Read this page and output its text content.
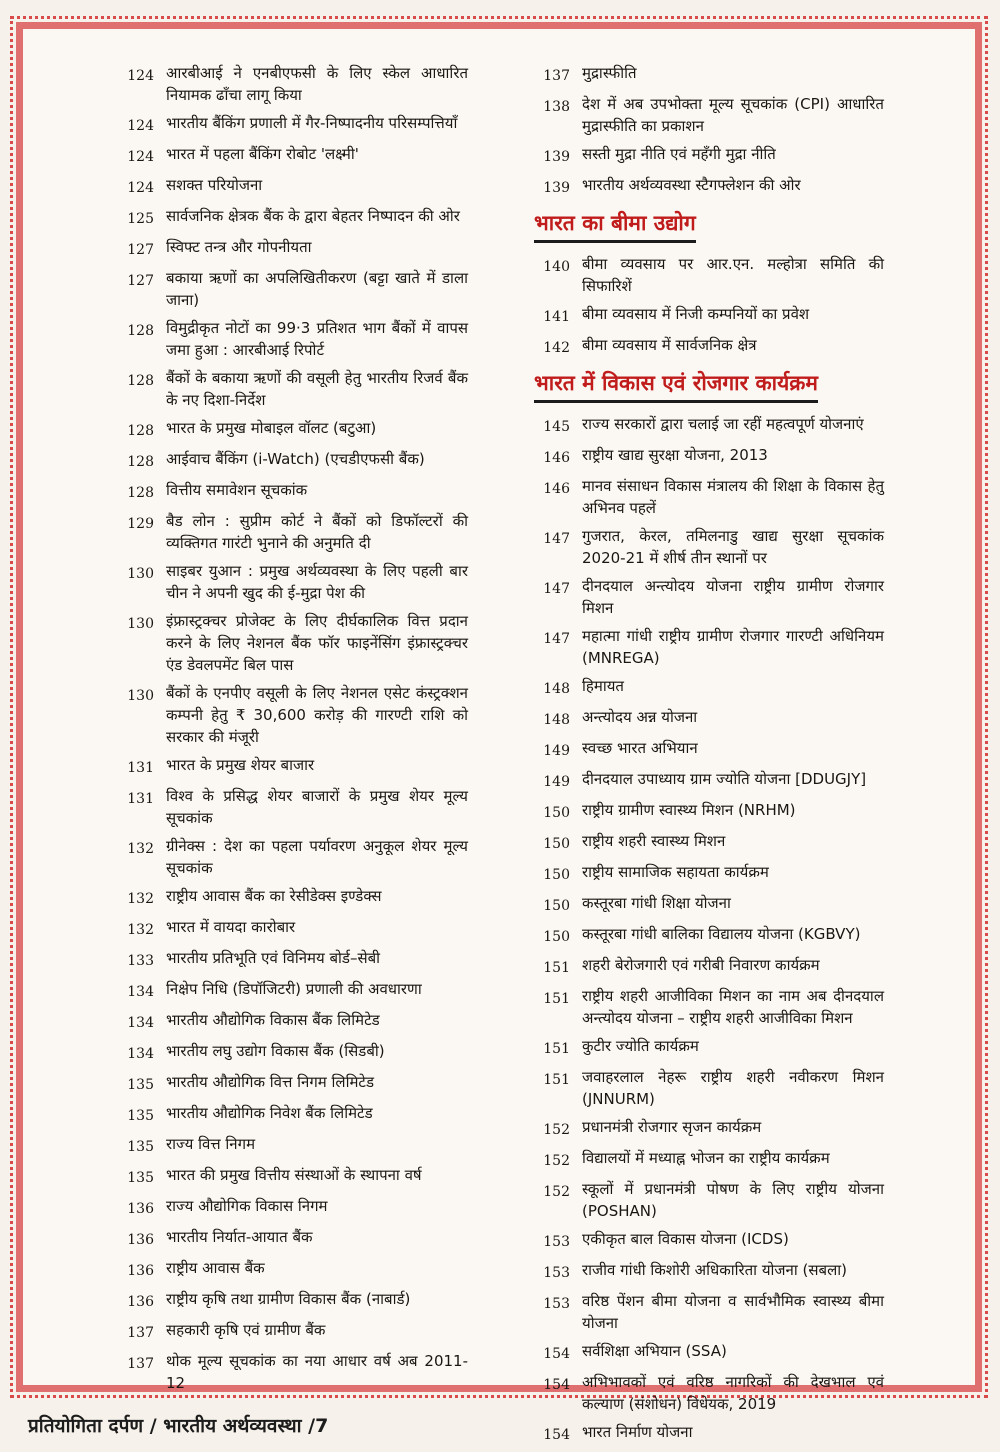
124 आरबीआई ने एनबीएफसी के लिए स्केल आधारित नियामक ढाँचा लागू किया
124 भारतीय बैंकिंग प्रणाली में गैर-निष्पादनीय परिसम्पत्तियाँ
124 भारत में पहला बैंकिंग रोबोट 'लक्ष्मी'
124 सशक्त परियोजना
125 सार्वजनिक क्षेत्रक बैंक के द्वारा बेहतर निष्पादन की ओर
127 स्विफ्ट तन्त्र और गोपनीयता
127 बकाया ऋणों का अपलिखितीकरण (बट्टा खाते में डाला जाना)
128 विमुद्रीकृत नोटों का 99·3 प्रतिशत भाग बैंकों में वापस जमा हुआ : आरबीआई रिपोर्ट
128 बैंकों के बकाया ऋणों की वसूली हेतु भारतीय रिजर्व बैंक के नए दिशा-निर्देश
128 भारत के प्रमुख मोबाइल वॉलट (बटुआ)
128 आईवाच बैंकिंग (i-Watch) (एचडीएफसी बैंक)
128 वित्तीय समावेशन सूचकांक
129 बैड लोन : सुप्रीम कोर्ट ने बैंकों को डिफॉल्टरों की व्यक्तिगत गारंटी भुनाने की अनुमति दी
130 साइबर युआन : प्रमुख अर्थव्यवस्था के लिए पहली बार चीन ने अपनी खुद की ई-मुद्रा पेश की
130 इंफ्रास्ट्रक्चर प्रोजेक्ट के लिए दीर्घकालिक वित्त प्रदान करने के लिए नेशनल बैंक फॉर फाइनेंसिंग इंफ्रास्ट्रक्चर एंड डेवलपमेंट बिल पास
130 बैंकों के एनपीए वसूली के लिए नेशनल एसेट कंस्ट्रक्शन कम्पनी हेतु ₹ 30,600 करोड़ की गारण्टी राशि को सरकार की मंजूरी
131 भारत के प्रमुख शेयर बाजार
131 विश्व के प्रसिद्ध शेयर बाजारों के प्रमुख शेयर मूल्य सूचकांक
132 ग्रीनेक्स : देश का पहला पर्यावरण अनुकूल शेयर मूल्य सूचकांक
132 राष्ट्रीय आवास बैंक का रेसीडेक्स इण्डेक्स
132 भारत में वायदा कारोबार
133 भारतीय प्रतिभूति एवं विनिमय बोर्ड–सेबी
134 निक्षेप निधि (डिपॉजिटरी) प्रणाली की अवधारणा
134 भारतीय औद्योगिक विकास बैंक लिमिटेड
134 भारतीय लघु उद्योग विकास बैंक (सिडबी)
135 भारतीय औद्योगिक वित्त निगम लिमिटेड
135 भारतीय औद्योगिक निवेश बैंक लिमिटेड
135 राज्य वित्त निगम
135 भारत की प्रमुख वित्तीय संस्थाओं के स्थापना वर्ष
136 राज्य औद्योगिक विकास निगम
136 भारतीय निर्यात-आयात बैंक
136 राष्ट्रीय आवास बैंक
136 राष्ट्रीय कृषि तथा ग्रामीण विकास बैंक (नाबार्ड)
137 सहकारी कृषि एवं ग्रामीण बैंक
137 थोक मूल्य सूचकांक का नया आधार वर्ष अब 2011-12
137 मुद्रास्फीति
138 देश में अब उपभोक्ता मूल्य सूचकांक (CPI) आधारित मुद्रास्फीति का प्रकाशन
139 सस्ती मुद्रा नीति एवं महँगी मुद्रा नीति
139 भारतीय अर्थव्यवस्था स्टैगफ्लेशन की ओर
भारत का बीमा उद्योग
140 बीमा व्यवसाय पर आर.एन. मल्होत्रा समिति की सिफारिशें
141 बीमा व्यवसाय में निजी कम्पनियों का प्रवेश
142 बीमा व्यवसाय में सार्वजनिक क्षेत्र
भारत में विकास एवं रोजगार कार्यक्रम
145 राज्य सरकारों द्वारा चलाई जा रहीं महत्वपूर्ण योजनाएं
146 राष्ट्रीय खाद्य सुरक्षा योजना, 2013
146 मानव संसाधन विकास मंत्रालय की शिक्षा के विकास हेतु अभिनव पहलें
147 गुजरात, केरल, तमिलनाडु खाद्य सुरक्षा सूचकांक 2020-21 में शीर्ष तीन स्थानों पर
147 दीनदयाल अन्त्योदय योजना राष्ट्रीय ग्रामीण रोजगार मिशन
147 महात्मा गांधी राष्ट्रीय ग्रामीण रोजगार गारण्टी अधिनियम (MNREGA)
148 हिमायत
148 अन्त्योदय अन्न योजना
149 स्वच्छ भारत अभियान
149 दीनदयाल उपाध्याय ग्राम ज्योति योजना [DDUGJY]
150 राष्ट्रीय ग्रामीण स्वास्थ्य मिशन (NRHM)
150 राष्ट्रीय शहरी स्वास्थ्य मिशन
150 राष्ट्रीय सामाजिक सहायता कार्यक्रम
150 कस्तूरबा गांधी शिक्षा योजना
150 कस्तूरबा गांधी बालिका विद्यालय योजना (KGBVY)
151 शहरी बेरोजगारी एवं गरीबी निवारण कार्यक्रम
151 राष्ट्रीय शहरी आजीविका मिशन का नाम अब दीनदयाल अन्त्योदय योजना – राष्ट्रीय शहरी आजीविका मिशन
151 कुटीर ज्योति कार्यक्रम
151 जवाहरलाल नेहरू राष्ट्रीय शहरी नवीकरण मिशन (JNNURM)
152 प्रधानमंत्री रोजगार सृजन कार्यक्रम
152 विद्यालयों में मध्याह्न भोजन का राष्ट्रीय कार्यक्रम
152 स्कूलों में प्रधानमंत्री पोषण के लिए राष्ट्रीय योजना (POSHAN)
153 एकीकृत बाल विकास योजना (ICDS)
153 राजीव गांधी किशोरी अधिकारिता योजना (सबला)
153 वरिष्ठ पेंशन बीमा योजना व सार्वभौमिक स्वास्थ्य बीमा योजना
154 सर्वशिक्षा अभियान (SSA)
154 अभिभावकों एवं वरिष्ठ नागरिकों की देखभाल एवं कल्याण (संशोधन) विधेयक, 2019
154 भारत निर्माण योजना
प्रतियोगिता दर्पण / भारतीय अर्थव्यवस्था /7
